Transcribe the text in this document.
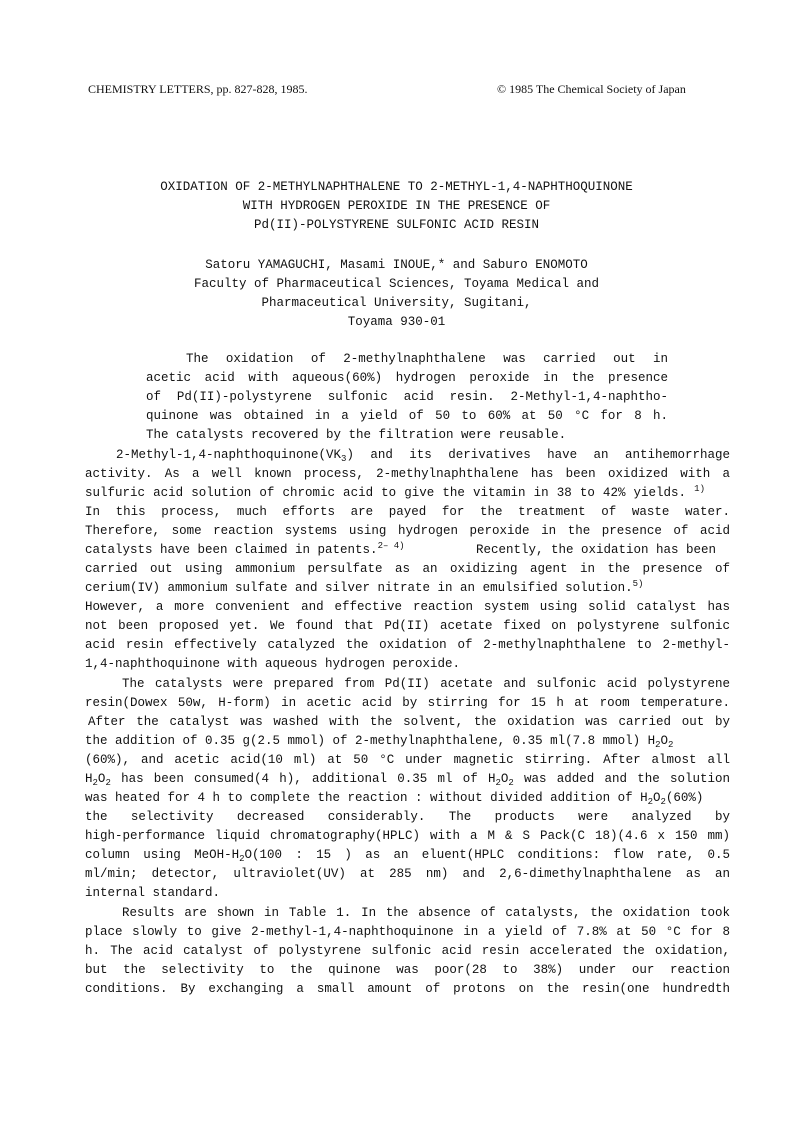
CHEMISTRY LETTERS, pp. 827-828, 1985.	© 1985 The Chemical Society of Japan
OXIDATION OF 2-METHYLNAPHTHALENE TO 2-METHYL-1,4-NAPHTHOQUINONE
WITH HYDROGEN PEROXIDE IN THE PRESENCE OF
Pd(II)-POLYSTYRENE SULFONIC ACID RESIN
Satoru YAMAGUCHI, Masami INOUE,* and Saburo ENOMOTO
Faculty of Pharmaceutical Sciences, Toyama Medical and
Pharmaceutical University, Sugitani,
Toyama 930-01
The oxidation of 2-methylnaphthalene was carried out in
acetic acid with aqueous(60%) hydrogen peroxide in the presence
of Pd(II)-polystyrene sulfonic acid resin. 2-Methyl-1,4-naphtho-
quinone was obtained in a yield of 50 to 60% at 50 °C for 8 h.
The catalysts recovered by the filtration were reusable.
$2-Methyl-1,4-naphthoquinone(VK_3)$ and its derivatives have an antihemorrhage
activity. As a well known process, 2-methylnaphthalene has been oxidized with a
sulfuric acid solution of chromic acid to give the vitamin in 38 to 42% yields. $^{1)}$
In this process, much efforts are payed for the treatment of waste water.
Therefore, some reaction systems using hydrogen peroxide in the presence of acid
catalysts have been claimed in patents.$^{2- 4)}$	Recently, the oxidation has been
carried out using ammonium persulfate as an oxidizing agent in the presence of
cerium(IV) ammonium sulfate and silver nitrate in an emulsified solution.$^{5)}$
However, a more convenient and effective reaction system using solid catalyst has
not been proposed yet. We found that Pd(II) acetate fixed on polystyrene sulfonic
acid resin effectively catalyzed the oxidation of 2-methylnaphthalene to 2-methyl-
1,4-naphthoquinone with aqueous hydrogen peroxide.
The catalysts were prepared from Pd(II) acetate and sulfonic acid polystyrene
resin(Dowex 50w, H-form) in acetic acid by stirring for 15 h at room temperature.
After the catalyst was washed with the solvent, the oxidation was carried out by
the addition of 0.35 g(2.5 mmol) of 2-methylnaphthalene, 0.35 ml(7.8 mmol) $H_2O_2$
(60%), and acetic acid(10 ml) at 50 °C under magnetic stirring. After almost all
$H_2O_2$ has been consumed(4 h), additional 0.35 ml of $H_2O_2$ was added and the solution
was heated for 4 h to complete the reaction : without divided addition of $H_2O_2(60\%)$
the selectivity decreased considerably. The products were analyzed by
high-performance liquid chromatography(HPLC) with a M & S Pack(C 18)(4.6 x 150 mm)
column using MeOH-$H_2O(100$ : 15 ) as an eluent(HPLC conditions: flow rate, 0.5
ml/min; detector, ultraviolet(UV) at 285 nm) and 2,6-dimethylnaphthalene as an
internal standard.
Results are shown in Table 1. In the absence of catalysts, the oxidation took
place slowly to give 2-methyl-1,4-naphthoquinone in a yield of 7.8% at 50 °C for 8
h. The acid catalyst of polystyrene sulfonic acid resin accelerated the oxidation,
but the selectivity to the quinone was poor(28 to 38%) under our reaction
conditions. By exchanging a small amount of protons on the resin(one hundredth
